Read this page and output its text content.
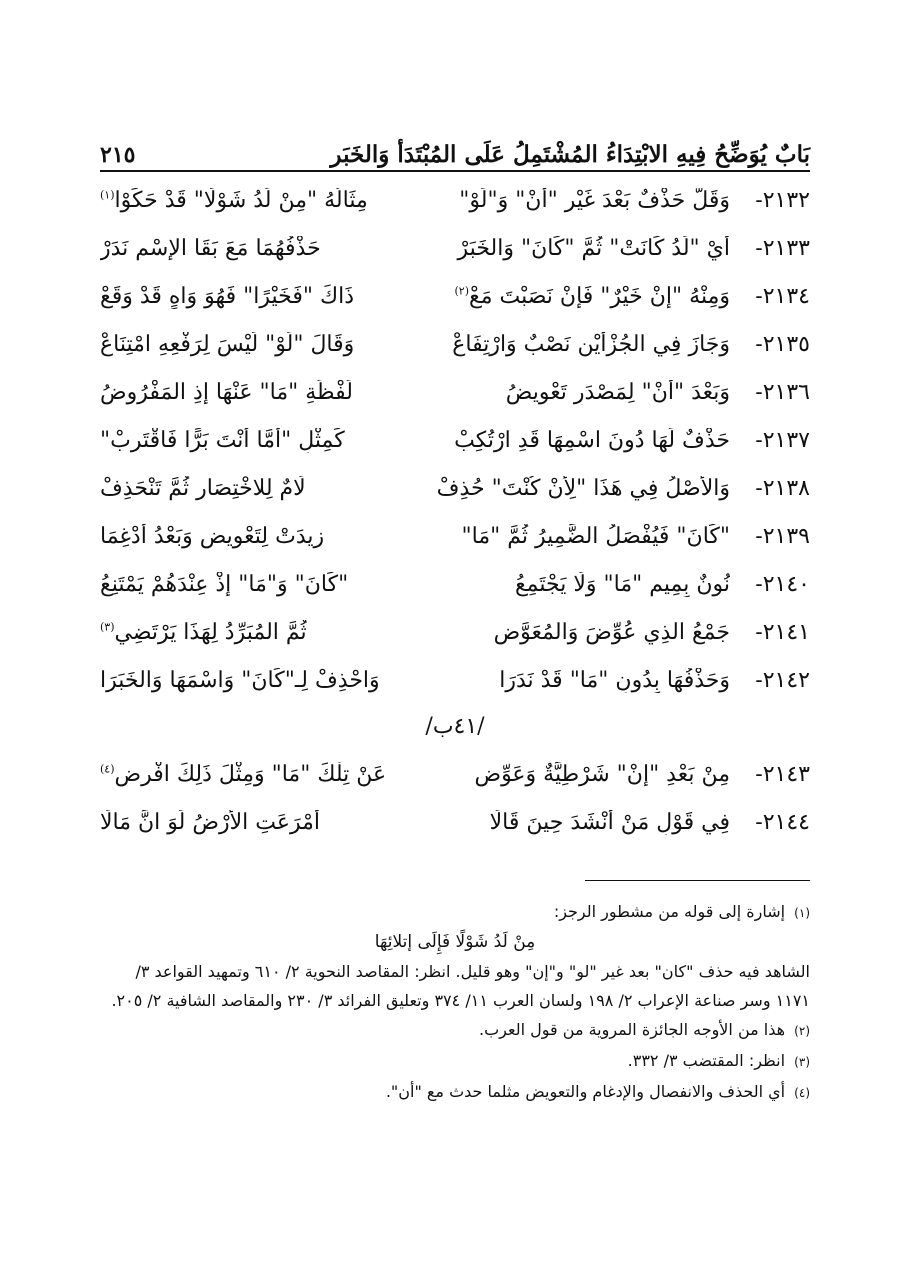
بَابٌ يُوَضِّحُ فِيهِ الابْتِدَاءُ المُشْتَمِلُ عَلَى المُبْتَدَأ وَالخَبَر
٢١٥
٢١٣٢-
وَقَلَّ حَذْفٌ بَعْدَ غَيْرِ "أَنْ" وَ"لَوْ"
مِثَالُهُ "مِنْ لَدُ شَوْلًا" قَدْ حَكَوْا$^{(١)}$
٢١٣٣-
أَيْ "لَدُ كَانَتْ" ثُمَّ "كَانَ" وَالخَبَرْ
حَذْفُهُمَا مَعَ بَقَا الإِسْمِ نَدَرْ
٢١٣٤-
وَمِنْهُ "إِنْ خَيْرٌ" فَإِنْ نَصَبْتَ مَعْ$^{(٢)}$
ذَاكَ "فَخَيْرًا" فَهُوَ وَاهٍ قَدْ وَقَعْ
٢١٣٥-
وَجَازَ فِي الجُزْأَيْنِ نَصْبٌ وَارْتِفَاعْ
وَقَالَ "لَوْ" لَيْسَ لِرَفْعِهِ امْتِنَاعْ
٢١٣٦-
وَبَعْدَ "أَنْ" لِمَصْدَرٍ تَعْوِيضُ
لَفْظَةِ "مَا" عَنْهَا إِذِ المَفْرُوضُ
٢١٣٧-
حَذْفٌ لَهَا دُونَ اسْمِهَا قَدِ ارْتُكِبْ
كَمِثْلِ "أَمَّا أَنْتَ بَرًّا فَاقْتَرِبْ"
٢١٣٨-
وَالأَصْلُ فِي هَذَا "لِأَنْ كُنْتَ" حُذِفْ
لَامٌ لِلاخْتِصَارِ ثُمَّ تَنْحَذِفْ
٢١٣٩-
"كَانَ" فَيُفْصَلُ الضَّمِيرُ ثُمَّ "مَا"
زِيدَتْ لِتَعْوِيضٍ وَبَعْدُ أُدْغِمَا
٢١٤٠-
نُونٌ بِمِيمِ "مَا" وَلَا يَجْتَمِعُ
"كَانَ" وَ"مَا" إِذْ عِنْدَهُمْ يَمْتَنِعُ
٢١٤١-
جَمْعُ الذِي عُوِّضَ وَالمُعَوَّضِ
ثُمَّ المُبَرِّدُ لِهَذَا يَرْتَضِي$^{(٣)}$
٢١٤٢-
وَحَذْفُهَا بِدُونِ "مَا" قَدْ نَدَرَا
وَاحْذِفْ لِـ"كَانَ" وَاسْمَهَا وَالخَبَرَا
/٤١ب/
٢١٤٣-
مِنْ بَعْدِ "إِنْ" شَرْطِيَّةٌ وَعَوِّضِ
عَنْ تِلْكَ "مَا" وَمِثْلَ ذَلِكَ افْرِضِ$^{(٤)}$
٢١٤٤-
فِي قَوْلِ مَنْ أَنْشَدَ حِينَ قَالَا
أَمْرَعَتِ الأَرْضُ لَوَ انَّ مَالَا
(١) إشارة إلى قوله من مشطور الرجز:
مِنْ لَدُ شَوْلًا فَإِلَى إتلائِهَا
الشاهد فيه حذف "كان" بعد غير "لو" و"إن" وهو قليل. انظر: المقاصد النحوية ٢/ ٦١٠ وتمهيد القواعد ٣/ ١١٧١ وسر صناعة الإعراب ٢/ ١٩٨ ولسان العرب ١١/ ٣٧٤ وتعليق الفرائد ٣/ ٢٣٠ والمقاصد الشافية ٢/ ٢٠٥.
(٢) هذا من الأوجه الجائزة المروية من قول العرب.
(٣) انظر: المقتضب ٣/ ٣٣٢.
(٤) أي الحذف والانفصال والإدغام والتعويض مثلما حدث مع "أن".
